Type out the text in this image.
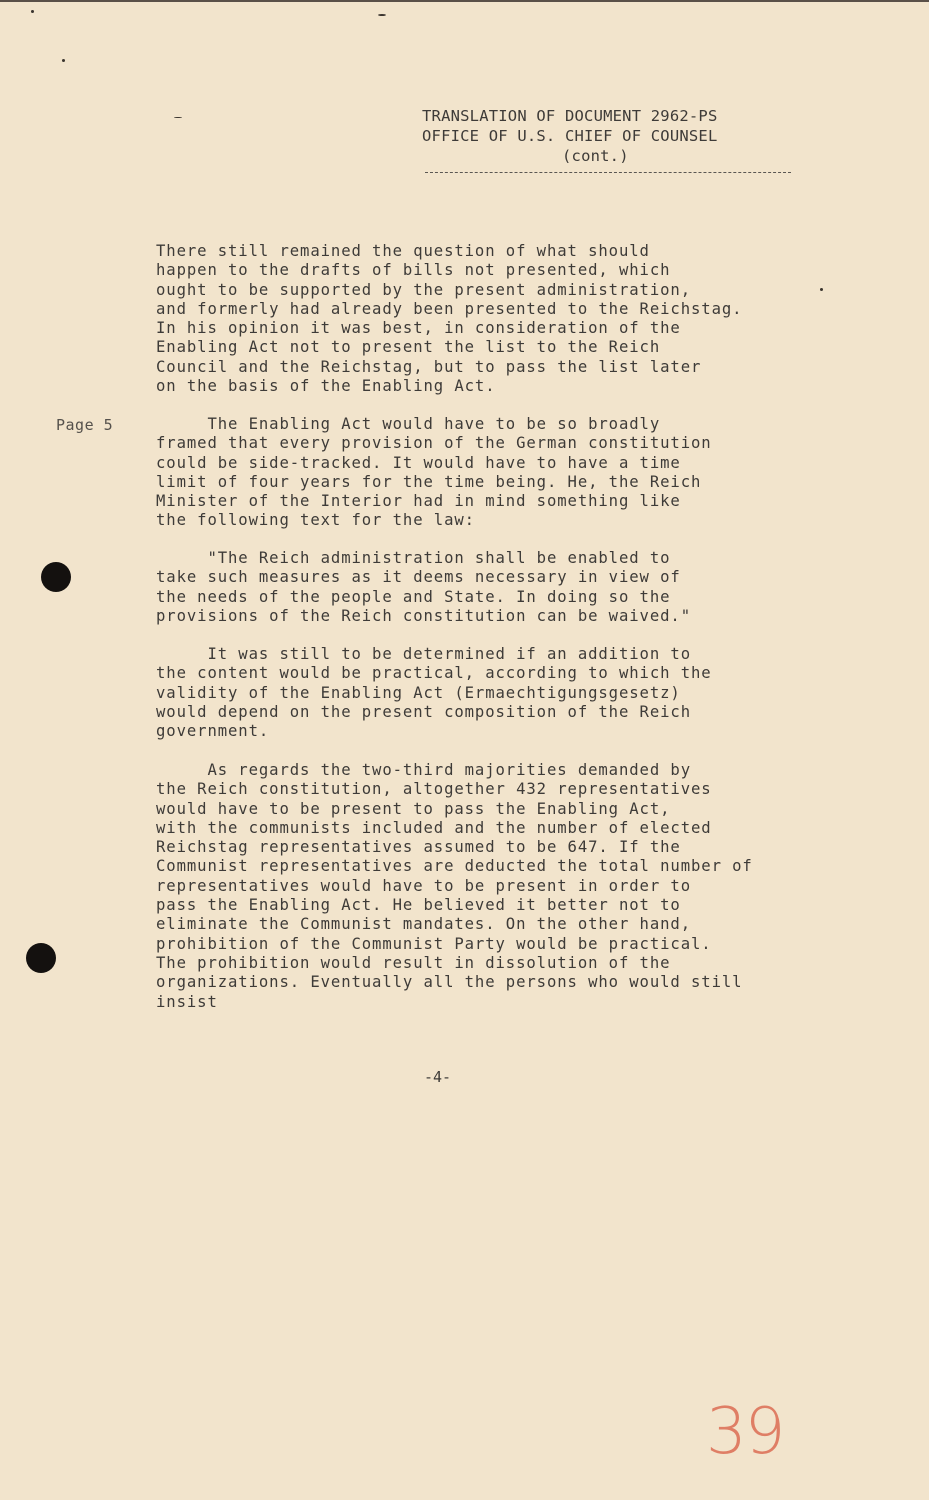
TRANSLATION OF DOCUMENT 2962-PS
OFFICE OF U.S. CHIEF OF COUNSEL
(cont.)
Page 5
There still remained the question of what should
happen to the drafts of bills not presented, which
ought to be supported by the present administration,
and formerly had already been presented to the Reichstag.
In his opinion it was best, in consideration of the
Enabling Act not to present the list to the Reich
Council and the Reichstag, but to pass the list later
on the basis of the Enabling Act.
The Enabling Act would have to be so broadly
framed that every provision of the German constitution
could be side-tracked. It would have to have a time
limit of four years for the time being. He, the Reich
Minister of the Interior had in mind something like
the following text for the law:
"The Reich administration shall be enabled to
take such measures as it deems necessary in view of
the needs of the people and State. In doing so the
provisions of the Reich constitution can be waived."
It was still to be determined if an addition to
the content would be practical, according to which the
validity of the Enabling Act (Ermaechtigungsgesetz)
would depend on the present composition of the Reich
government.
As regards the two-third majorities demanded by
the Reich constitution, altogether 432 representatives
would have to be present to pass the Enabling Act,
with the communists included and the number of elected
Reichstag representatives assumed to be 647. If the
Communist representatives are deducted the total number of
representatives would have to be present in order to
pass the Enabling Act. He believed it better not to
eliminate the Communist mandates. On the other hand,
prohibition of the Communist Party would be practical.
The prohibition would result in dissolution of the
organizations. Eventually all the persons who would still
insist
-4-
39
